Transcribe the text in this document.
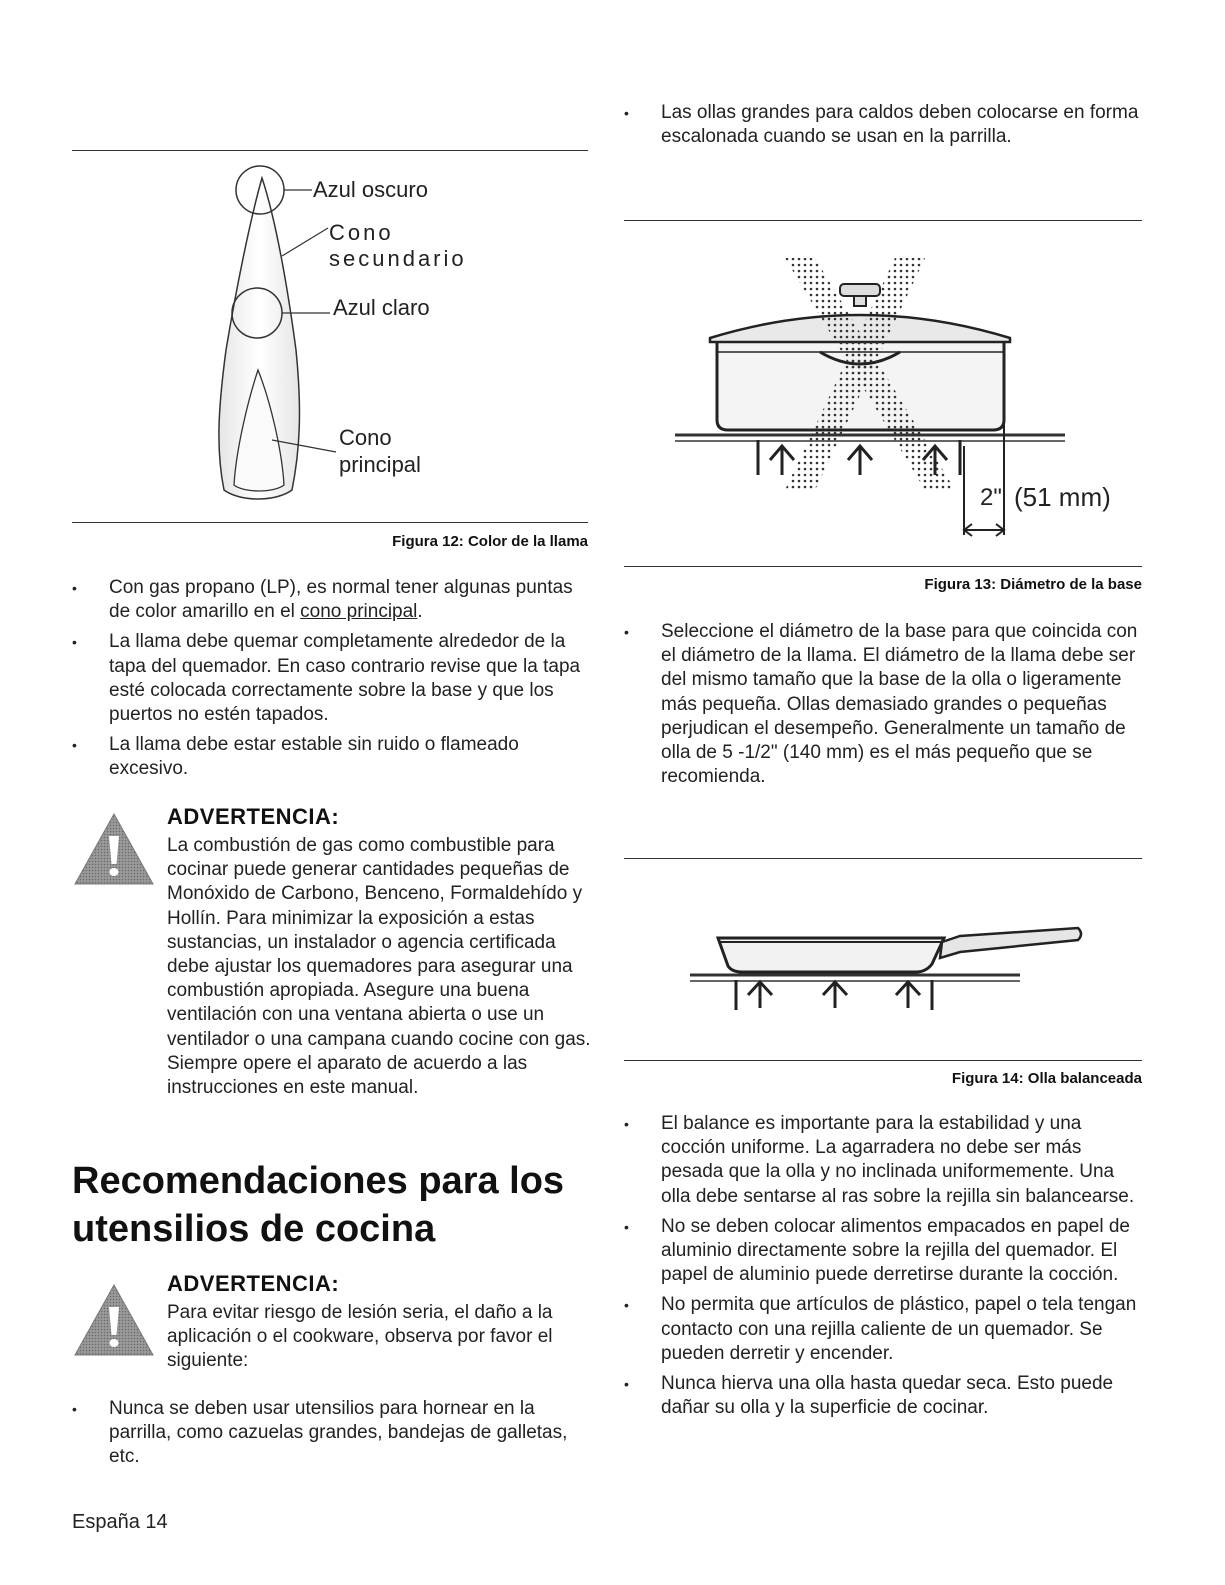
Azul oscuro
Cono
secundario
Azul claro
Cono
principal
Figura 12: Color de la llama
• Con gas propano (LP), es normal tener algunas puntas de color amarillo en el cono principal.
• La llama debe quemar completamente alrededor de la tapa del quemador. En caso contrario revise que la tapa esté colocada correctamente sobre la base y que los puertos no estén tapados.
• La llama debe estar estable sin ruido o flameado excesivo.
ADVERTENCIA:
La combustión de gas como combustible para cocinar puede generar cantidades pequeñas de Monóxido de Carbono, Benceno, Formaldehído y Hollín. Para minimizar la exposición a estas sustancias, un instalador o agencia certificada debe ajustar los quemadores para asegurar una combustión apropiada. Asegure una buena ventilación con una ventana abierta o use un ventilador o una campana cuando cocine con gas. Siempre opere el aparato de acuerdo a las instrucciones en este manual.
Recomendaciones para los
utensilios de cocina
ADVERTENCIA:
Para evitar riesgo de lesión seria, el daño a la aplicación o el cookware, observa por favor el siguiente:
• Nunca se deben usar utensilios para hornear en la parrilla, como cazuelas grandes, bandejas de galletas, etc.
España 14
• Las ollas grandes para caldos deben colocarse en forma escalonada cuando se usan en la parrilla.
2" (51 mm)
Figura 13: Diámetro de la base
• Seleccione el diámetro de la base para que coincida con el diámetro de la llama. El diámetro de la llama debe ser del mismo tamaño que la base de la olla o ligeramente más pequeña. Ollas demasiado grandes o pequeñas perjudican el desempeño. Generalmente un tamaño de olla de 5 -1/2" (140 mm) es el más pequeño que se recomienda.
Figura 14: Olla balanceada
• El balance es importante para la estabilidad y una cocción uniforme. La agarradera no debe ser más pesada que la olla y no inclinada uniformemente. Una olla debe sentarse al ras sobre la rejilla sin balancearse.
• No se deben colocar alimentos empacados en papel de aluminio directamente sobre la rejilla del quemador. El papel de aluminio puede derretirse durante la cocción.
• No permita que artículos de plástico, papel o tela tengan contacto con una rejilla caliente de un quemador. Se pueden derretir y encender.
• Nunca hierva una olla hasta quedar seca. Esto puede dañar su olla y la superficie de cocinar.
